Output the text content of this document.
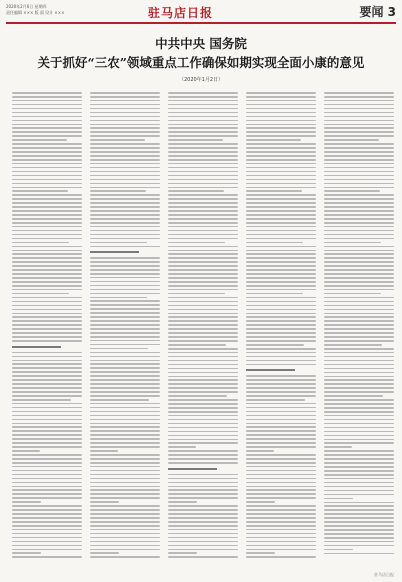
2020年2月6日 星期四
责任编辑 ××× 版 面 设计 ×××	驻马店日报	要闻 3
中共中央 国务院
关于抓好“三农”领域重点工作确保如期实现全面小康的意见
（2020年1月2日）
驻马店日报
